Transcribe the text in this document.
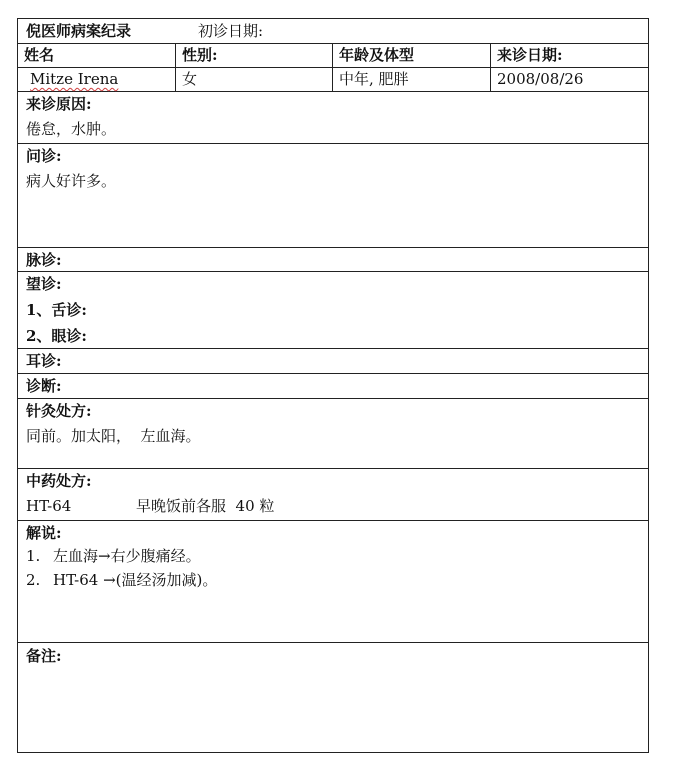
倪医师病案纪录	初诊日期:
姓名	性别:	年龄及体型	来诊日期:
Mitze Irena	女	中年, 肥胖	2008/08/26
来诊原因:
倦怠，水肿。
问诊:
病人好许多。
脉诊:
望诊:
1、舌诊:
2、眼诊:
耳诊:
诊断:
针灸处方:
同前。加太阳，  左血海。
中药处方:
HT-64	早晚饭前各服  40 粒
解说:
1. 左血海→右少腹痛经。
2. HT-64 →(温经汤加减)。
备注:
